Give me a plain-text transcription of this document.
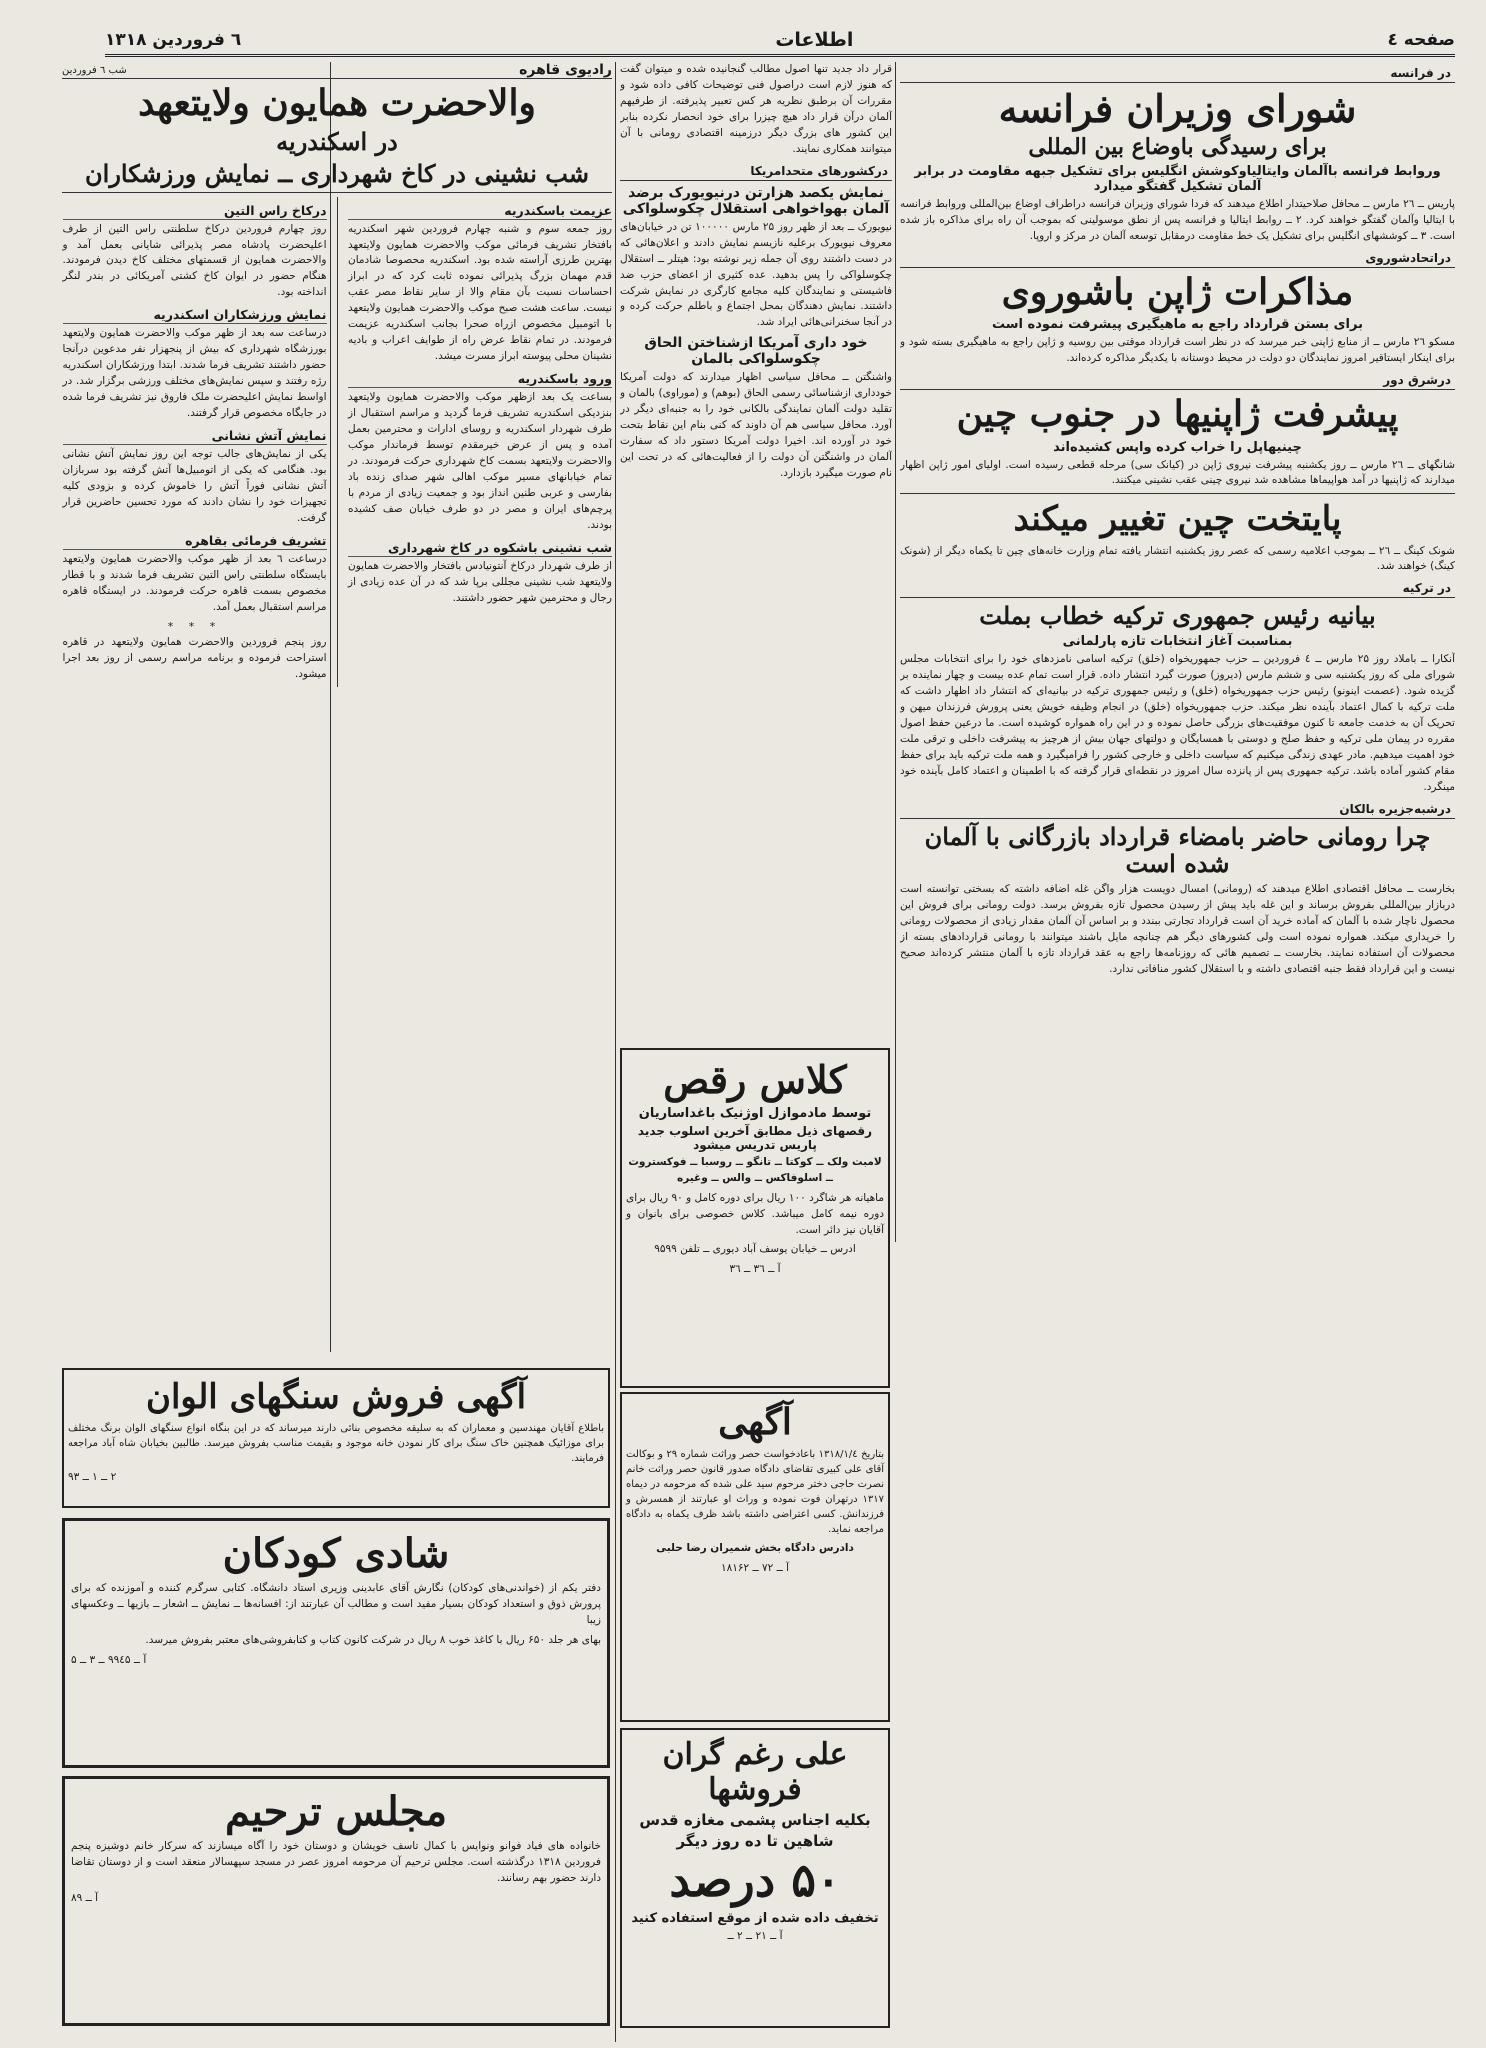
صفحه ٤
اطلاعات
٦ فروردین ۱۳۱۸
در فرانسه
شورای وزیران فرانسه
برای رسیدگی باوضاع بین المللی
وروابط فرانسه باآلمان وایتالیاوکوشش انگلیس برای تشکیل جبهه مقاومت در برابر آلمان تشکیل گفتگو میدارد

پاریس ــ ۲٦ مارس ــ محافل صلاحیتدار اطلاع میدهند که فردا شورای وزیران فرانسه دراطراف اوضاع بین‌المللی وروابط فرانسه با ایتالیا وآلمان گفتگو خواهند کرد. ۲ ــ روابط ایتالیا و فرانسه پس از نطق موسولینی که بموجب آن راه برای مذاکره باز شده است. ۳ ــ کوششهای انگلیس برای تشکیل یک خط مقاومت درمقابل توسعه آلمان در مرکز و اروپا.

دراتحادشوروی
مذاکرات ژاپن باشوروی
برای بستن قرارداد راجع به ماهیگیری پیشرفت نموده است

مسکو ۲٦ مارس ــ از منابع ژاپنی خبر میرسد که در نظر است قرارداد موقتی بین روسیه و ژاپن راجع به ماهیگیری بسته شود و برای اینکار ایستاقیر امروز نمایندگان دو دولت در محیط دوستانه با یکدیگر مذاکره کرده‌اند.

درشرق دور
پیشرفت ژاپنیها در جنوب چین
چینیهاپل را خراب کرده واپس کشیده‌اند

شانگهای ــ ۲٦ مارس ــ روز یکشنبه پیشرفت نیروی ژاپن در (کیانک سی) مرحله قطعی رسیده است. اولیای امور ژاپن اظهار میدارند که ژاپنیها در آمد هواپیماها مشاهده شد نیروی چینی عقب نشینی میکنند.

پایتخت چین تغییر میکند

شونک کینگ ــ ۲٦ ــ بموجب اعلامیه رسمی که عصر روز یکشنبه انتشار یافته تمام وزارت خانه‌های چین تا یکماه دیگر از (شونک کینگ) خواهند شد.

در ترکیه
بیانیه رئیس جمهوری ترکیه خطاب بملت
بمناسبت آغاز انتخابات تازه پارلمانی

آنکارا ــ باملاد روز ۲۵ مارس ــ ٤ فروردین ــ حزب جمهوریخواه (خلق) ترکیه اسامی نامزدهای خود را برای انتخابات مجلس شورای ملی که روز یکشنبه سی و ششم مارس (دیروز) صورت گیرد انتشار داده. قرار است تمام عده بیست و چهار نماینده بر گزیده شود. (عصمت اینونو) رئیس حزب جمهوریخواه (خلق) و رئیس جمهوری ترکیه در بیانیه‌ای که انتشار داد اظهار داشت که ملت ترکیه با کمال اعتماد بآینده نظر میکند. حزب جمهوریخواه (خلق) در انجام وظیفه خویش یعنی پرورش فرزندان میهن و تحریک آن به خدمت جامعه تا کنون موفقیت‌های بزرگی حاصل نموده و در این راه همواره کوشیده است. ما درعین حفظ اصول مقرره در پیمان ملی ترکیه و حفظ صلح و دوستی با همسایگان و دولتهای جهان بیش از هرچیز به پیشرفت داخلی و ترقی ملت خود اهمیت میدهیم. مادر عهدی زندگی میکنیم که سیاست داخلی و خارجی کشور را فرامیگیرد و همه ملت ترکیه باید برای حفظ مقام کشور آماده باشد. ترکیه جمهوری پس از پانزده سال امروز در نقطه‌ای قرار گرفته که با اطمینان و اعتماد کامل بآینده خود مینگرد.

درشبه‌جزیره بالکان
چرا رومانی حاضر بامضاء قرارداد بازرگانی با آلمان شده است

بخارست ــ محافل اقتصادی اطلاع میدهند که (رومانی) امسال دویست هزار واگن غله اضافه داشته که بسختی توانسته است دربازار بین‌المللی بفروش برساند و این غله باید پیش از رسیدن محصول تازه بفروش برسد. دولت رومانی برای فروش این محصول ناچار شده با آلمان که آماده خرید آن است قرارداد تجارتی ببندد و بر اساس آن آلمان مقدار زیادی از محصولات رومانی را خریداری میکند. همواره نموده است ولی کشورهای دیگر هم چنانچه مایل باشند میتوانند با رومانی قراردادهای بسته از محصولات آن استفاده نمایند. بخارست ــ تصمیم هائی که روزنامه‌ها راجع به عقد قرارداد تازه با آلمان منتشر کرده‌اند صحیح نیست و این قرارداد فقط جنبه اقتصادی داشته و با استقلال کشور منافاتی ندارد.

قرار داد جدید تنها اصول مطالب گنجانیده شده و میتوان گفت که هنوز لازم است دراصول فنی توضیحات کافی داده شود و مقررات آن برطبق نظریه هر کس تعبیر پذیرفته. از طرفیهم آلمان درآن قرار داد هیچ چیزرا برای خود انحصار نکرده بنابر این کشور های بزرگ دیگر درزمینه اقتصادی رومانی با آن میتوانند همکاری نمایند.

درکشورهای متحدامریکا
نمایش یکصد هزارتن درنیویورک برضد آلمان بهواخواهی استقلال چکوسلواکی

نیویورک ــ بعد از ظهر روز ۲۵ مارس ۱۰۰۰۰۰ تن در خیابان‌های معروف نیویورک برعلیه نازیسم نمایش دادند و اعلان‌هائی که در دست داشتند روی آن جمله زیر نوشته بود: هیتلر ــ استقلال چکوسلواکی را پس بدهید. عده کثیری از اعضای حزب ضد فاشیستی و نمایندگان کلیه مجامع کارگری در نمایش شرکت داشتند. نمایش دهندگان بمحل اجتماع و باطلم حرکت کرده و در آنجا سخنرانی‌هائی ایراد شد.

خود داری آمریکا ازشناختن الحاق چکوسلواکی بالمان

واشنگتن ــ محافل سیاسی اظهار میدارند که دولت آمریکا خودداری ازشناسائی رسمی الحاق (بوهم) و (موراوی) بالمان و تقلید دولت آلمان نمایندگی بالکانی خود را به جنبه‌ای دیگر در آورد. محافل سیاسی هم آن داوند که کنی بنام این نقاط بتحت خود در آورده اند. اخیرا دولت آمریکا دستور داد که سفارت آلمان در واشنگتن آن دولت را از فعالیت‌هائی که در تحت این نام صورت میگیرد بازدارد.

کلاس رقص
توسط مادموازل اوژنیک باغداساریان
رقصهای ذیل مطابق آخرین اسلوب جدید پاریس تدریس میشود
لامبت ولک ــ کوکتا ــ تانگو ــ روسبا ــ فوکستروت ــ اسلوفاکس ــ والس ــ وغیره

ماهیانه هر شاگرد ۱۰۰ ریال برای دوره کامل و ۹۰ ریال برای دوره نیمه کامل میباشد. کلاس خصوصی برای بانوان و آقایان نیز دائر است.

ادرس ــ خیابان یوسف آباد دیوری ــ تلفن ۹۵۹۹
آ ــ ۳٦ ــ ۳٦
آگهی

بتاریخ ۱۳۱۸/۱/٤ باعادخواست حصر وراثت شماره ۲۹ و بوکالت آقای علی کبیری تقاضای دادگاه صدور قانون حصر وراثت خانم نصرت حاجی دختر مرحوم سید علی شده که مرحومه در دیماه ۱۳۱۷ درتهران فوت نموده و وراث او عبارتند از همسرش و فرزندانش. کسی اعتراضی داشته باشد ظرف یکماه به دادگاه مراجعه نماید.

دادرس دادگاه بخش شمیران رضا حلبی
آ ــ ۷۲ ــ ۱۸۱۶۲
علی رغم گران فروشها
بکلیه اجناس پشمی مغازه قدس
شاهین تا ده روز دیگر
۵۰ درصد
تخفیف داده شده از موقع استفاده کنید
آ ــ ۲۱ ــ ۲ ــ
رادیوی قاهره
شب ٦ فروردین
والاحضرت همایون ولایتعهد
در اسکندریه
شب نشینی در کاخ شهرداری ــ نمایش ورزشکاران
عزیمت باسکندریه

روز جمعه سوم و شنبه چهارم فروردین شهر اسکندریه بافتخار تشریف فرمائی موکب والاحضرت همایون ولایتعهد بهترین طرزی آراسته شده بود. اسکندریه محصوصا شادمان قدم مهمان بزرگ پذیرائی نموده ثابت کرد که در ابراز احساسات نسبت بآن مقام والا از سایر نقاط مصر عقب نیست. ساعت هشت صبح موکب والاحضرت همایون ولایتعهد با اتومبیل مخصوص ازراه صحرا بجانب اسکندریه عزیمت فرمودند. در تمام نقاط عرض راه از طوایف اعراب و بادیه نشینان محلی پیوسته ابراز مسرت میشد.

ورود باسکندریه

بساعت یک بعد ازظهر موکب والاحضرت همایون ولایتعهد بنزدیکی اسکندریه تشریف فرما گردید و مراسم استقبال از طرف شهردار اسکندریه و روسای ادارات و محترمین بعمل آمده و پس از عرض خیرمقدم توسط فرماندار موکب والاحضرت ولایتعهد بسمت کاخ شهرداری حرکت فرمودند. در تمام خیابانهای مسیر موکب اهالی شهر صدای زنده باد بفارسی و عربی طنین انداز بود و جمعیت زیادی از مردم با پرچم‌های ایران و مصر در دو طرف خیابان صف کشیده بودند.

شب نشینی باشکوه در کاخ شهرداری

از طرف شهردار درکاخ آنتونیادس بافتخار والاحضرت همایون ولایتعهد شب نشینی مجللی برپا شد که در آن عده زیادی از رجال و محترمین شهر حضور داشتند.

درکاخ راس التین

روز چهارم فروردین درکاخ سلطنتی راس التین از طرف اعلیحضرت پادشاه مصر پذیرائی شایانی بعمل آمد و والاحضرت همایون از قسمتهای مختلف کاخ دیدن فرمودند. هنگام حضور در ایوان کاخ کشتی آمریکائی در بندر لنگر انداخته بود.

نمایش ورزشکاران اسکندریه

درساعت سه بعد از ظهر موکب والاحضرت همایون ولایتعهد بورزشگاه شهرداری که بیش از پنجهزار نفر مدعوین درآنجا حضور داشتند تشریف فرما شدند. ابتدا ورزشکاران اسکندریه رژه رفتند و سپس نمایش‌های مختلف ورزشی برگزار شد. در اواسط نمایش اعلیحضرت ملک فاروق نیز تشریف فرما شده در جایگاه مخصوص قرار گرفتند.

نمایش آتش نشانی

یکی از نمایش‌های جالب توجه این روز نمایش آتش نشانی بود. هنگامی که یکی از اتومبیل‌ها آتش گرفته بود سربازان آتش نشانی فوراً آتش را خاموش کرده و بزودی کلیه تجهیزات خود را نشان دادند که مورد تحسین حاضرین قرار گرفت.

تشریف فرمائی بقاهره

درساعت ٦ بعد از ظهر موکب والاحضرت همایون ولایتعهد بایستگاه سلطنتی راس التین تشریف فرما شدند و با قطار مخصوص بسمت قاهره حرکت فرمودند. در ایستگاه قاهره مراسم استقبال بعمل آمد.

* * *

روز پنجم فروردین والاحضرت همایون ولایتعهد در قاهره استراحت فرموده و برنامه مراسم رسمی از روز بعد اجرا میشود.

آگهی فروش سنگهای الوان

باطلاع آقایان مهندسین و معماران که به سلیقه مخصوص بنائی دارند میرساند که در این بنگاه انواع سنگهای الوان برنگ مختلف برای موزائیک همچنین خاک سنگ برای کار نمودن خانه موجود و بقیمت مناسب بفروش میرسد. طالبین بخیابان شاه آباد مراجعه فرمایند.

۲ ــ ۱ ــ ۹۳
شادی کودکان

دفتر یکم از (خواندنی‌های کودکان) نگارش آقای عابدینی وزیری استاد دانشگاه. کتابی سرگرم کننده و آموزنده که برای پرورش ذوق و استعداد کودکان بسیار مفید است و مطالب آن عبارتند از: افسانه‌ها ــ نمایش ــ اشعار ــ بازیها ــ وعکسهای زیبا

بهای هر جلد ۶۵۰ ریال با کاغذ خوب ۸ ریال در شرکت کانون کتاب و کتابفروشی‌های معتبر بفروش میرسد.

آ ــ ۹۹٤۵ ــ ۳ ــ ۵
مجلس ترحیم

خانواده های فیاد فوانو ونوایس با کمال تاسف خویشان و دوستان خود را آگاه میسازند که سرکار خانم دوشیزه پنجم فروردین ۱۳۱۸ درگذشته است. مجلس ترحیم آن مرحومه امروز عصر در مسجد سپهسالار منعقد است و از دوستان تقاضا دارند حضور بهم رسانند.

آ ــ ۸۹
